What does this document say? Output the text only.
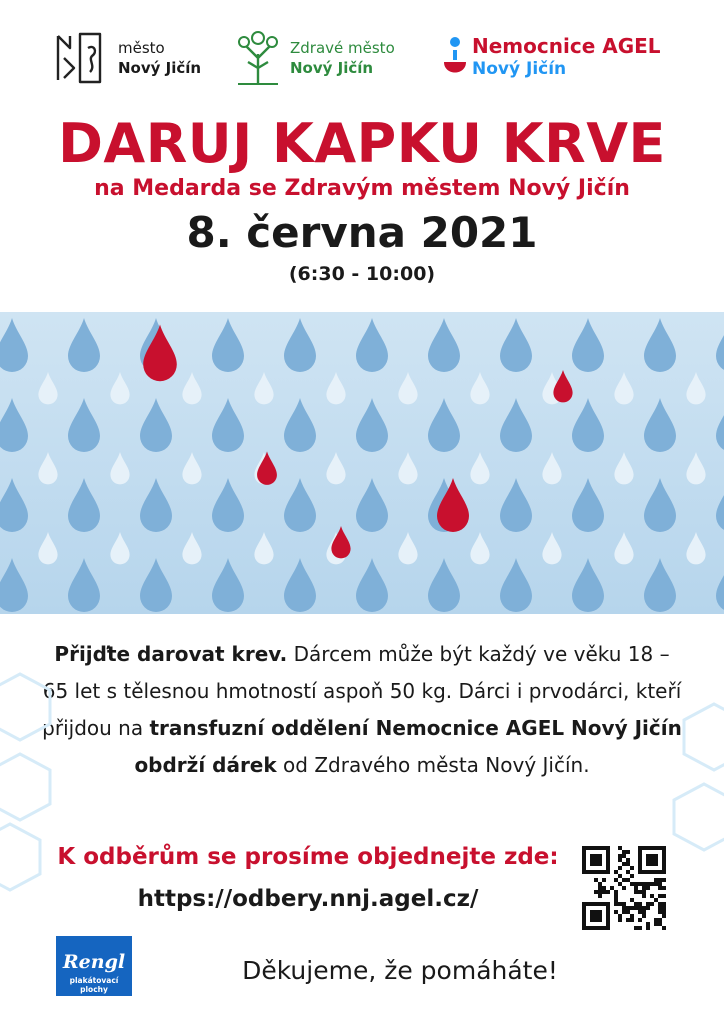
město
Nový Jičín
Zdravé město
Nový Jičín
Nemocnice AGEL
Nový Jičín
DARUJ KAPKU KRVE
na Medarda se Zdravým městem Nový Jičín
8. června 2021
(6:30 - 10:00)
Přijďte darovat krev. Dárcem může být každý ve věku 18 – 65 let s tělesnou hmotností aspoň 50 kg. Dárci i prvodárci, kteří přijdou na transfuzní oddělení Nemocnice AGEL Nový Jičín obdrží dárek od Zdravého města Nový Jičín.
K odběrům se prosíme objednejte zde:
https://odbery.nnj.agel.cz/
Rengl
plakátovací plochy
Děkujeme, že pomáháte!
